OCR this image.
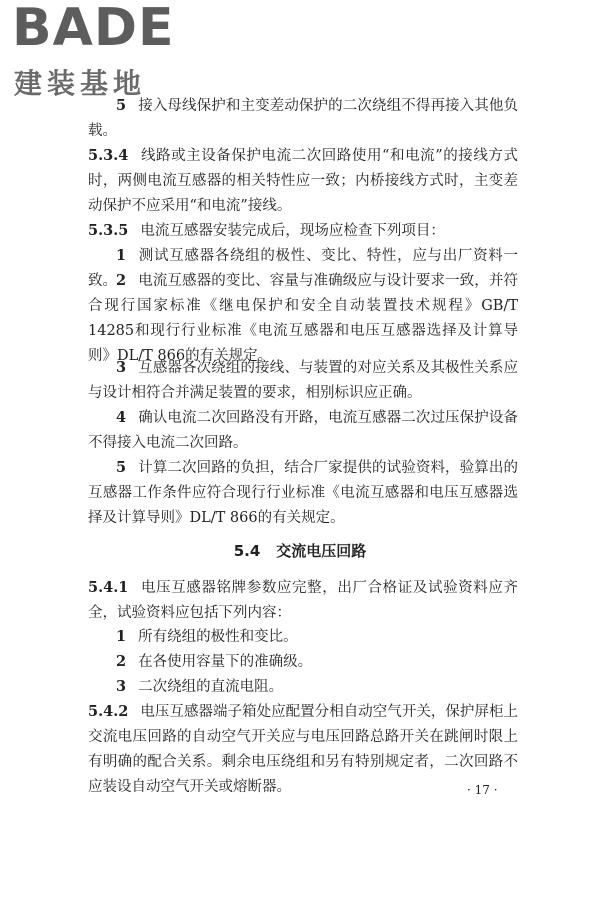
BADE
建装基地
5 接入母线保护和主变差动保护的二次绕组不得再接入其他负载。
5.3.4 线路或主设备保护电流二次回路使用“和电流”的接线方式时，两侧电流互感器的相关特性应一致；内桥接线方式时，主变差动保护不应采用“和电流”接线。
5.3.5 电流互感器安装完成后，现场应检查下列项目：
1 测试互感器各绕组的极性、变比、特性，应与出厂资料一致。 2 电流互感器的变比、容量与准确级应与设计要求一致，并符合现行国家标准《继电保护和安全自动装置技术规程》GB/T 14285和现行行业标准《电流互感器和电压互感器选择及计算导则》DL/T 866的有关规定。
3 互感器各次绕组的接线、与装置的对应关系及其极性关系应与设计相符合并满足装置的要求，相别标识应正确。
4 确认电流二次回路没有开路，电流互感器二次过压保护设备不得接入电流二次回路。
5 计算二次回路的负担，结合厂家提供的试验资料，验算出的互感器工作条件应符合现行行业标准《电流互感器和电压互感器选择及计算导则》DL/T 866的有关规定。
5.4 交流电压回路
5.4.1 电压互感器铭牌参数应完整，出厂合格证及试验资料应齐全，试验资料应包括下列内容：
1 所有绕组的极性和变比。
2 在各使用容量下的准确级。
3 二次绕组的直流电阻。
5.4.2 电压互感器端子箱处应配置分相自动空气开关，保护屏柜上交流电压回路的自动空气开关应与电压回路总路开关在跳闸时限上有明确的配合关系。剩余电压绕组和另有特别规定者，二次回路不应装设自动空气开关或熔断器。	· 17 ·
